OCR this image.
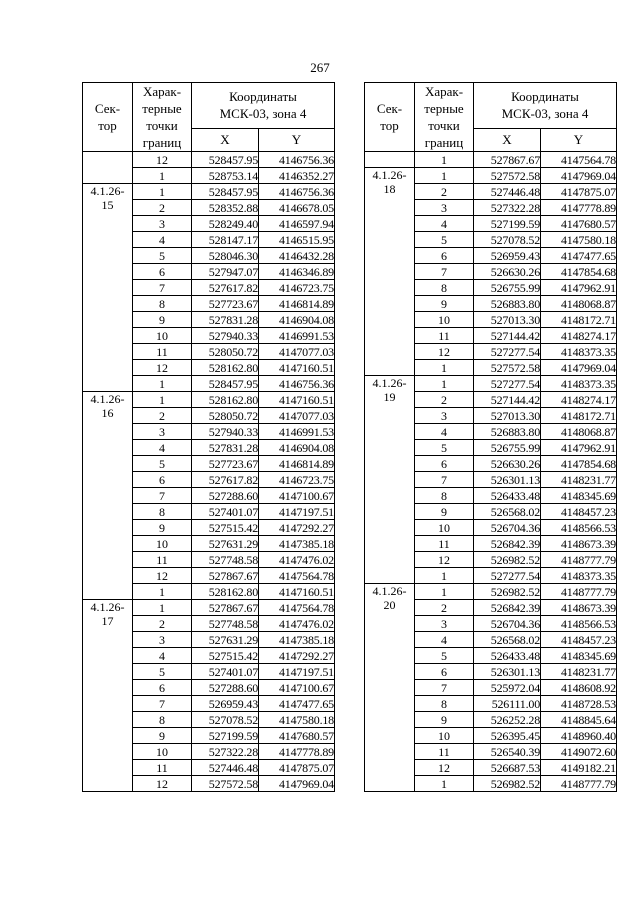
267
Сек-
тор	Харак-
терные
точки
границ	Координаты
МСК-03, зона 4	

		X	Y

	12	528457.95	4146756.36
	1	528753.14	4146352.27

4.1.26-
15	1	528457.95	4146756.36
	2	528352.88	4146678.05
	3	528249.40	4146597.94
	4	528147.17	4146515.95
	5	528046.30	4146432.28
	6	527947.07	4146346.89
	7	527617.82	4146723.75
	8	527723.67	4146814.89
	9	527831.28	4146904.08
	10	527940.33	4146991.53
	11	528050.72	4147077.03
	12	528162.80	4147160.51
	1	528457.95	4146756.36

4.1.26-
16	1	528162.80	4147160.51
	2	528050.72	4147077.03
	3	527940.33	4146991.53
	4	527831.28	4146904.08
	5	527723.67	4146814.89
	6	527617.82	4146723.75
	7	527288.60	4147100.67
	8	527401.07	4147197.51
	9	527515.42	4147292.27
	10	527631.29	4147385.18
	11	527748.58	4147476.02
	12	527867.67	4147564.78
	1	528162.80	4147160.51

4.1.26-
17	1	527867.67	4147564.78
	2	527748.58	4147476.02
	3	527631.29	4147385.18
	4	527515.42	4147292.27
	5	527401.07	4147197.51
	6	527288.60	4147100.67
	7	526959.43	4147477.65
	8	527078.52	4147580.18
	9	527199.59	4147680.57
	10	527322.28	4147778.89
	11	527446.48	4147875.07
	12	527572.58	4147969.04
Сек-
тор	Харак-
терные
точки
границ	Координаты
МСК-03, зона 4	

		X	Y

	1	527867.67	4147564.78

4.1.26-
18	1	527572.58	4147969.04
	2	527446.48	4147875.07
	3	527322.28	4147778.89
	4	527199.59	4147680.57
	5	527078.52	4147580.18
	6	526959.43	4147477.65
	7	526630.26	4147854.68
	8	526755.99	4147962.91
	9	526883.80	4148068.87
	10	527013.30	4148172.71
	11	527144.42	4148274.17
	12	527277.54	4148373.35
	1	527572.58	4147969.04

4.1.26-
19	1	527277.54	4148373.35
	2	527144.42	4148274.17
	3	527013.30	4148172.71
	4	526883.80	4148068.87
	5	526755.99	4147962.91
	6	526630.26	4147854.68
	7	526301.13	4148231.77
	8	526433.48	4148345.69
	9	526568.02	4148457.23
	10	526704.36	4148566.53
	11	526842.39	4148673.39
	12	526982.52	4148777.79
	1	527277.54	4148373.35

4.1.26-
20	1	526982.52	4148777.79
	2	526842.39	4148673.39
	3	526704.36	4148566.53
	4	526568.02	4148457.23
	5	526433.48	4148345.69
	6	526301.13	4148231.77
	7	525972.04	4148608.92
	8	526111.00	4148728.53
	9	526252.28	4148845.64
	10	526395.45	4148960.40
	11	526540.39	4149072.60
	12	526687.53	4149182.21
	1	526982.52	4148777.79
